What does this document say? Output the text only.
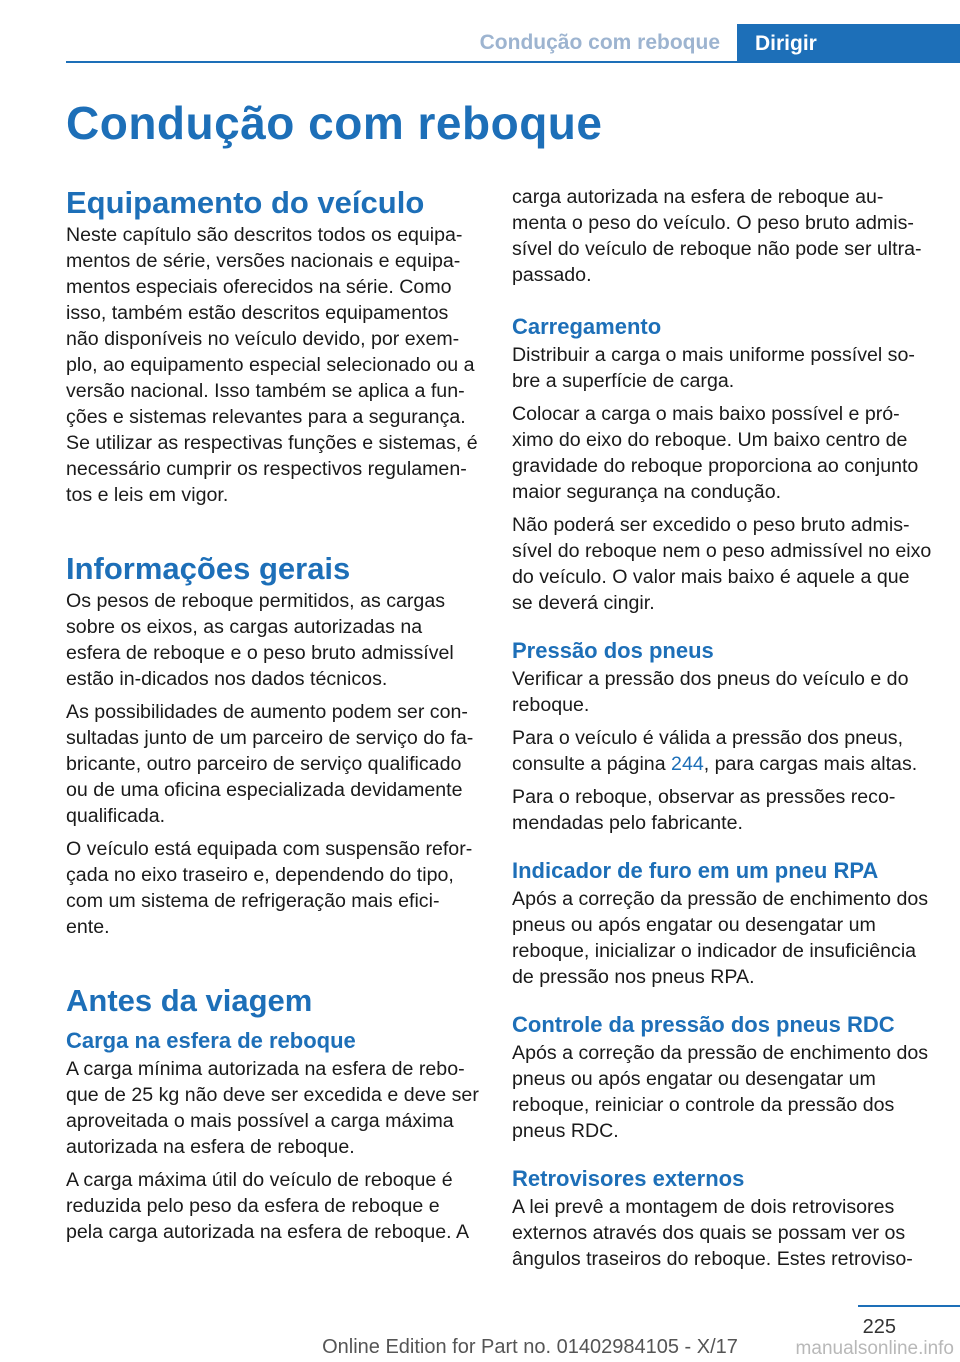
Condução com reboque	Dirigir
Condução com reboque
Equipamento do veículo

Neste capítulo são descritos todos os equipa-mentos de série, versões nacionais e equipa-mentos especiais oferecidos na série. Como isso, também estão descritos equipamentos não disponíveis no veículo devido, por exem-plo, ao equipamento especial selecionado ou a versão nacional. Isso também se aplica a fun-ções e sistemas relevantes para a segurança. Se utilizar as respectivas funções e sistemas, é necessário cumprir os respectivos regulamen-tos e leis em vigor.

Informações gerais

Os pesos de reboque permitidos, as cargas sobre os eixos, as cargas autorizadas na esfera de reboque e o peso bruto admissível estão in-dicados nos dados técnicos.

As possibilidades de aumento podem ser con-sultadas junto de um parceiro de serviço do fa-bricante, outro parceiro de serviço qualificado ou de uma oficina especializada devidamente qualificada.

O veículo está equipada com suspensão refor-çada no eixo traseiro e, dependendo do tipo, com um sistema de refrigeração mais efici-ente.

Antes da viagem
Carga na esfera de reboque

A carga mínima autorizada na esfera de rebo-que de 25 kg não deve ser excedida e deve ser aproveitada o mais possível a carga máxima autorizada na esfera de reboque.

A carga máxima útil do veículo de reboque é reduzida pelo peso da esfera de reboque e pela carga autorizada na esfera de reboque. A

carga autorizada na esfera de reboque au-menta o peso do veículo. O peso bruto admis-sível do veículo de reboque não pode ser ultra-passado.

Carregamento

Distribuir a carga o mais uniforme possível so-bre a superfície de carga.

Colocar a carga o mais baixo possível e pró-ximo do eixo do reboque. Um baixo centro de gravidade do reboque proporciona ao conjunto maior segurança na condução.

Não poderá ser excedido o peso bruto admis-sível do reboque nem o peso admissível no eixo do veículo. O valor mais baixo é aquele a que se deverá cingir.

Pressão dos pneus

Verificar a pressão dos pneus do veículo e do reboque.

Para o veículo é válida a pressão dos pneus, consulte a página 244, para cargas mais altas.

Para o reboque, observar as pressões reco-mendadas pelo fabricante.

Indicador de furo em um pneu RPA

Após a correção da pressão de enchimento dos pneus ou após engatar ou desengatar um reboque, inicializar o indicador de insuficiência de pressão nos pneus RPA.

Controle da pressão dos pneus RDC

Após a correção da pressão de enchimento dos pneus ou após engatar ou desengatar um reboque, reiniciar o controle da pressão dos pneus RDC.

Retrovisores externos

A lei prevê a montagem de dois retrovisores externos através dos quais se possam ver os ângulos traseiros do reboque. Estes retroviso-

225
Online Edition for Part no. 01402984105 - X/17	manualsonline.info
